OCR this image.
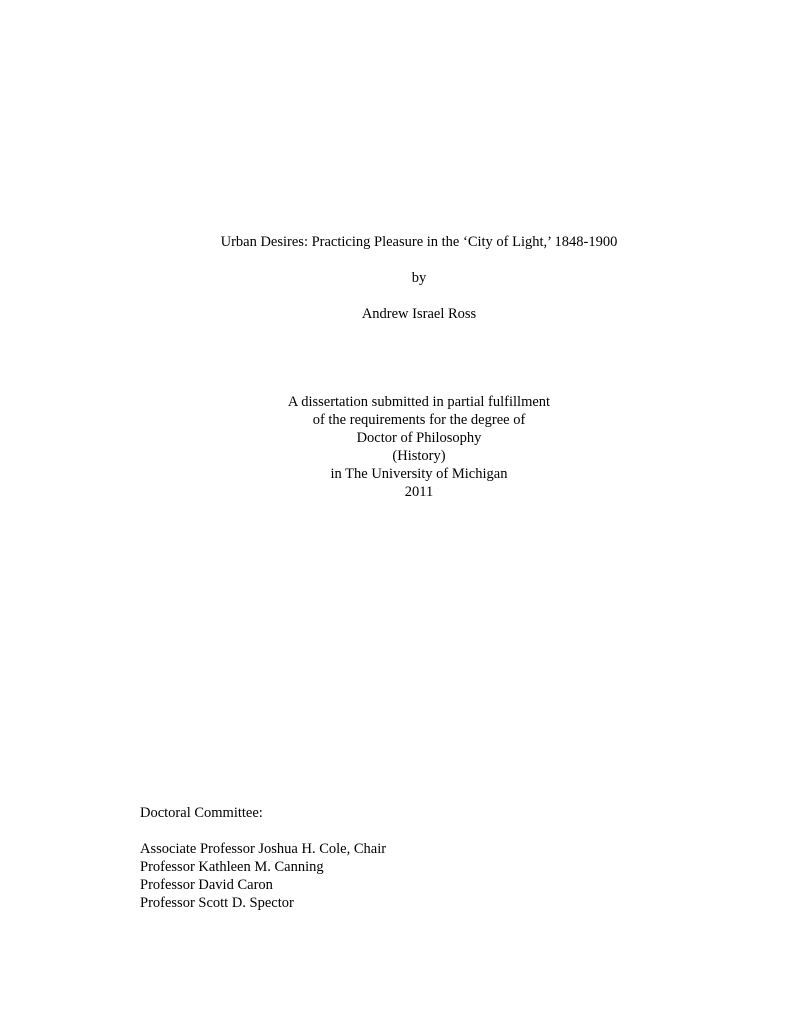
Urban Desires: Practicing Pleasure in the ‘City of Light,’ 1848-1900
by
Andrew Israel Ross
A dissertation submitted in partial fulfillment
of the requirements for the degree of
Doctor of Philosophy
(History)
in The University of Michigan
2011
Doctoral Committee:
Associate Professor Joshua H. Cole, Chair
Professor Kathleen M. Canning
Professor David Caron
Professor Scott D. Spector
